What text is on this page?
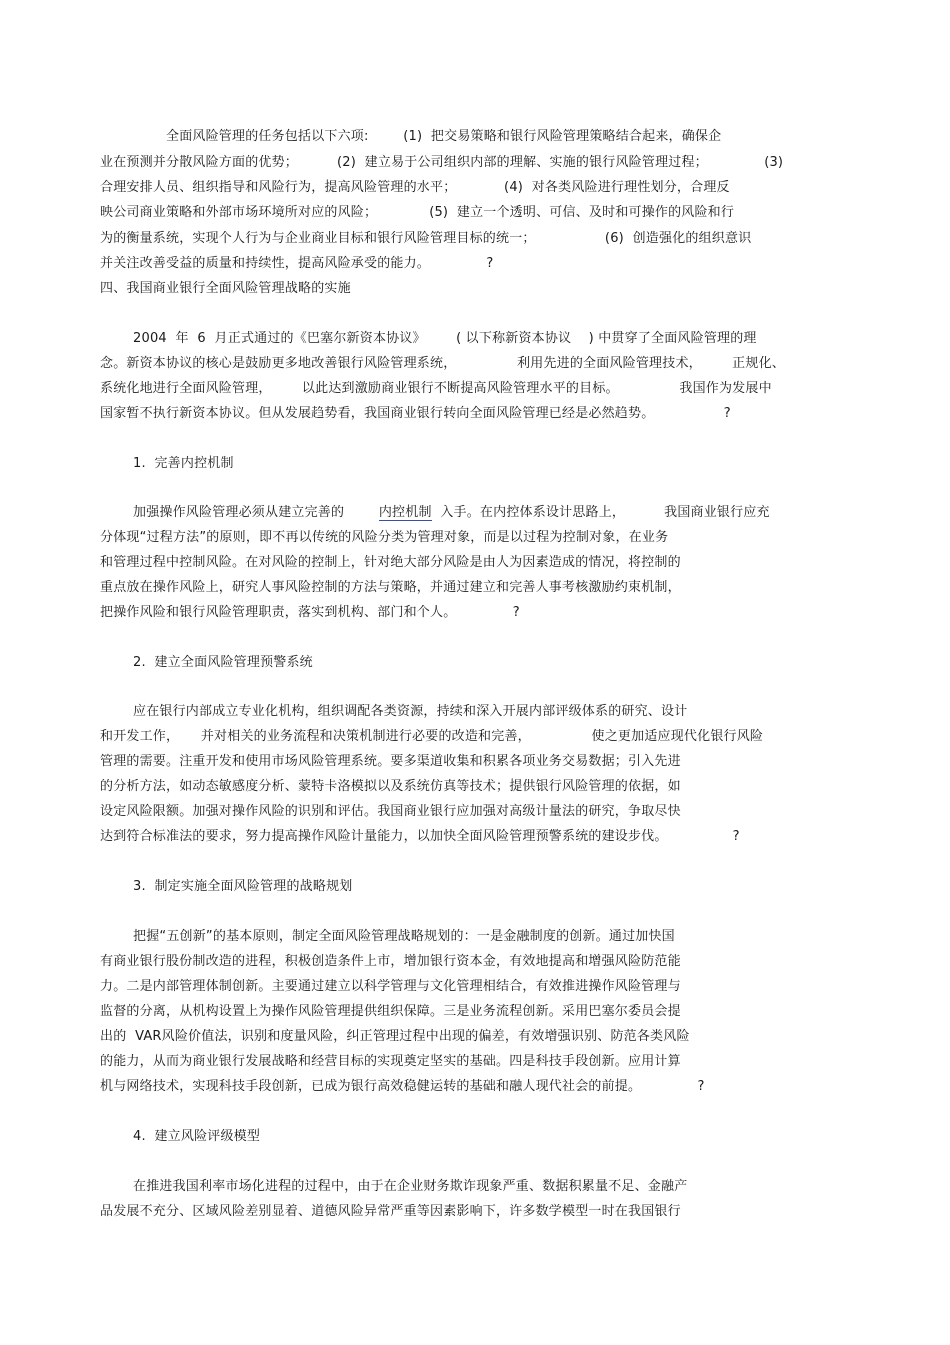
全面风险管理的任务包括以下六项:        (1)  把交易策略和银行风险管理策略结合起来，确保企
业在预测并分散风险方面的优势；         (2)  建立易于公司组织内部的理解、实施的银行风险管理过程；             (3)
合理安排人员、组织指导和风险行为，提高风险管理的水平；           (4)  对各类风险进行理性划分，合理反
映公司商业策略和外部市场环境所对应的风险；            (5)  建立一个透明、可信、及时和可操作的风险和行
为的衡量系统，实现个人行为与企业商业目标和银行风险管理目标的统一；                (6)  创造强化的组织意识
并关注改善受益的质量和持续性，提高风险承受的能力。             ?
四、我国商业银行全面风险管理战略的实施
2004  年  6  月正式通过的《巴塞尔新资本协议》       ( 以下称新资本协议    ) 中贯穿了全面风险管理的理
念。新资本协议的核心是鼓励更多地改善银行风险管理系统，              利用先进的全面风险管理技术，       正规化、
系统化地进行全面风险管理，       以此达到激励商业银行不断提高风险管理水平的目标。              我国作为发展中
国家暂不执行新资本协议。但从发展趋势看，我国商业银行转向全面风险管理已经是必然趋势。                ?
1.  完善内控机制
加强操作风险管理必须从建立完善的        内控机制  入手。在内控体系设计思路上，         我国商业银行应充
分体现“过程方法”的原则，即不再以传统的风险分类为管理对象，而是以过程为控制对象，在业务
和管理过程中控制风险。在对风险的控制上，针对绝大部分风险是由人为因素造成的情况，将控制的
重点放在操作风险上，研究人事风险控制的方法与策略，并通过建立和完善人事考核激励约束机制，
把操作风险和银行风险管理职责，落实到机构、部门和个人。             ?
2.  建立全面风险管理预警系统
应在银行内部成立专业化机构，组织调配各类资源，持续和深入开展内部评级体系的研究、设计
和开发工作，     并对相关的业务流程和决策机制进行必要的改造和完善，              使之更加适应现代化银行风险
管理的需要。注重开发和使用市场风险管理系统。要多渠道收集和积累各项业务交易数据；引入先进
的分析方法，如动态敏感度分析、蒙特卡洛模拟以及系统仿真等技术；提供银行风险管理的依据，如
设定风险限额。加强对操作风险的识别和评估。我国商业银行应加强对高级计量法的研究，争取尽快
达到符合标准法的要求，努力提高操作风险计量能力，以加快全面风险管理预警系统的建设步伐。               ?
3.  制定实施全面风险管理的战略规划
把握“五创新”的基本原则，制定全面风险管理战略规划的：一是金融制度的创新。通过加快国
有商业银行股份制改造的进程，积极创造条件上市，增加银行资本金，有效地提高和增强风险防范能
力。二是内部管理体制创新。主要通过建立以科学管理与文化管理相结合，有效推进操作风险管理与
监督的分离，从机构设置上为操作风险管理提供组织保障。三是业务流程创新。采用巴塞尔委员会提
出的  VAR风险价值法，识别和度量风险，纠正管理过程中出现的偏差，有效增强识别、防范各类风险
的能力，从而为商业银行发展战略和经营目标的实现奠定坚实的基础。四是科技手段创新。应用计算
机与网络技术，实现科技手段创新，已成为银行高效稳健运转的基础和融人现代社会的前提。             ?
4.  建立风险评级模型
在推进我国利率市场化进程的过程中，由于在企业财务欺诈现象严重、数据积累量不足、金融产
品发展不充分、区域风险差别显着、道德风险异常严重等因素影响下，许多数学模型一时在我国银行
